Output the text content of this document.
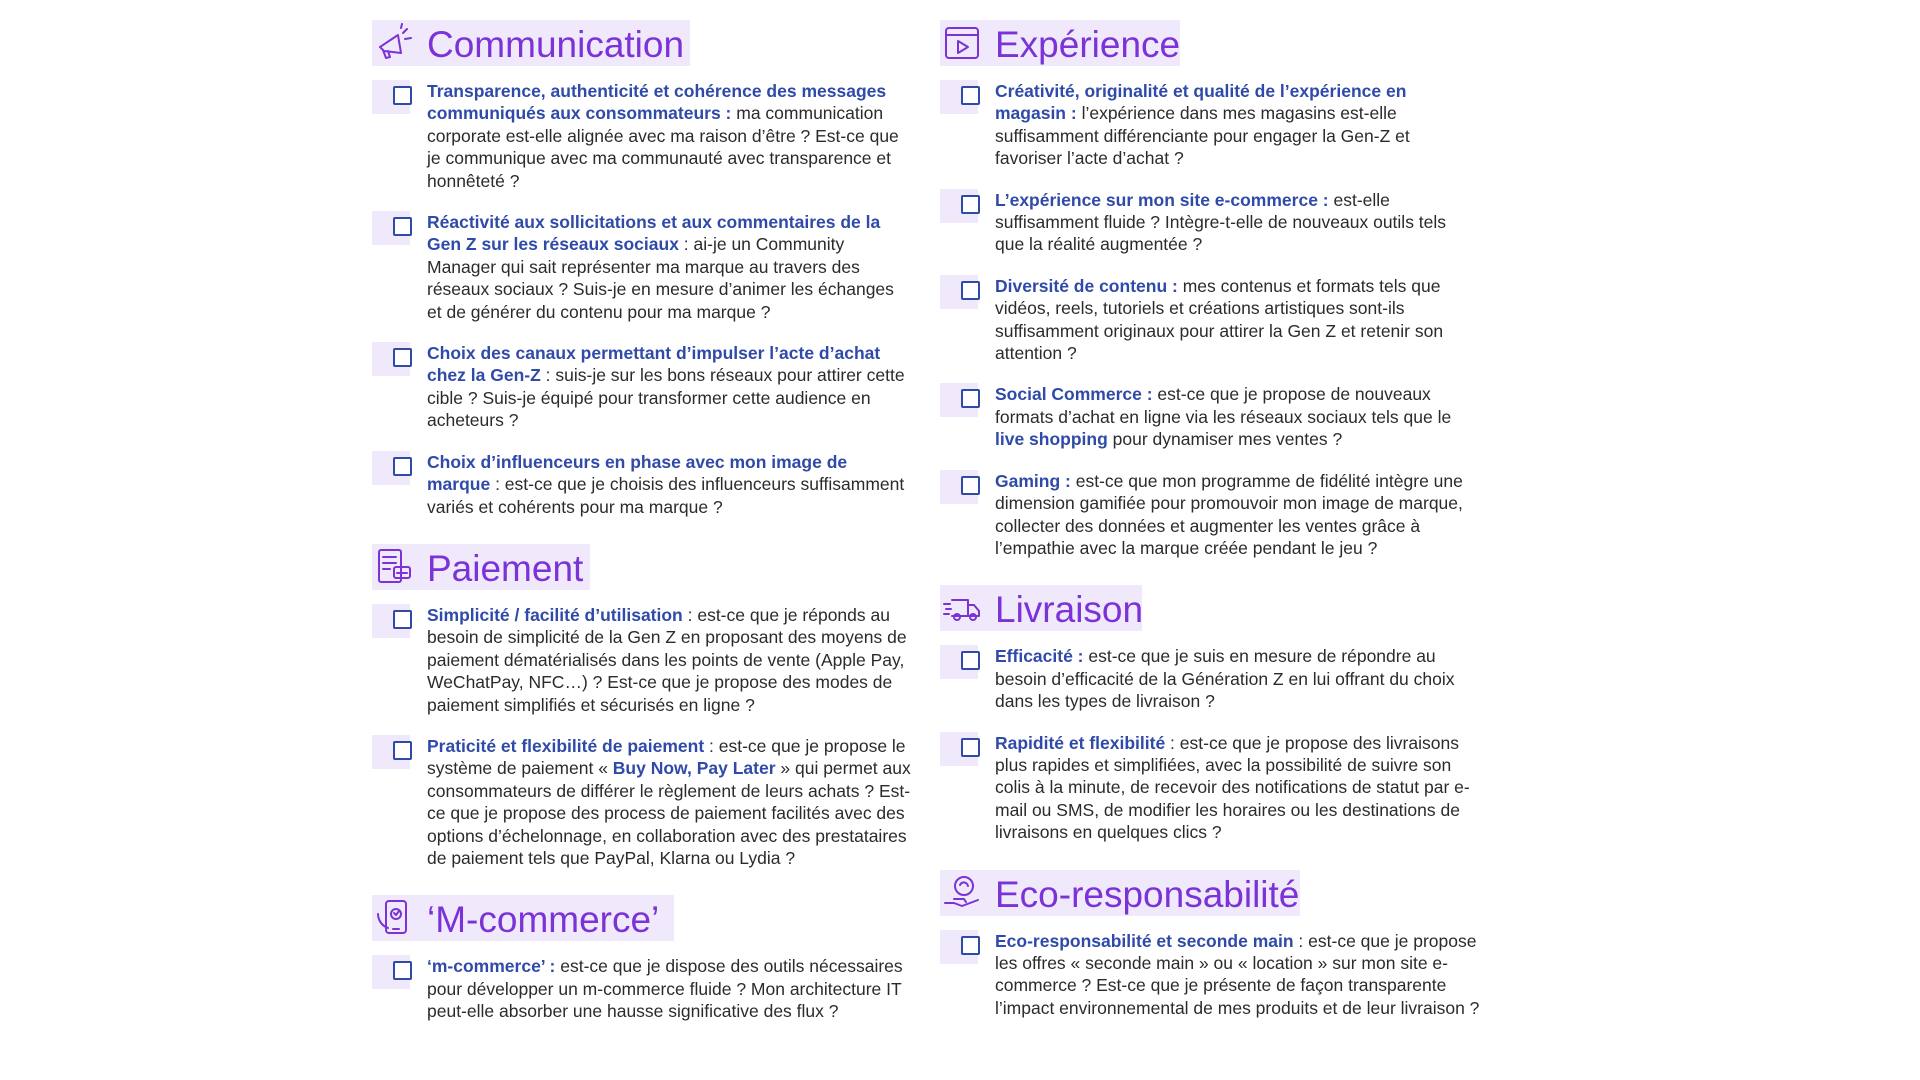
Communication
Transparence, authenticité et cohérence des messages communiqués aux consommateurs : ma communication corporate est-elle alignée avec ma raison d’être ? Est-ce que je communique avec ma communauté avec transparence et honnêteté ?
Réactivité aux sollicitations et aux commentaires de la Gen Z sur les réseaux sociaux : ai-je un Community Manager qui sait représenter ma marque au travers des réseaux sociaux ? Suis-je en mesure d’animer les échanges et de générer du contenu pour ma marque ?
Choix des canaux permettant d’impulser l’acte d’achat chez la Gen-Z : suis-je sur les bons réseaux pour attirer cette cible ? Suis-je équipé pour transformer cette audience en acheteurs ?
Choix d’influenceurs en phase avec mon image de marque : est-ce que je choisis des influenceurs suffisamment variés et cohérents pour ma marque ?
Paiement
Simplicité / facilité d’utilisation : est-ce que je réponds au besoin de simplicité de la Gen Z en proposant des moyens de paiement dématérialisés dans les points de vente (Apple Pay, WeChatPay, NFC…) ? Est-ce que je propose des modes de paiement simplifiés et sécurisés en ligne ?
Praticité et flexibilité de paiement : est-ce que je propose le système de paiement « Buy Now, Pay Later » qui permet aux consommateurs de différer le règlement de leurs achats ? Est-ce que je propose des process de paiement facilités avec des options d’échelonnage, en collaboration avec des prestataires de paiement tels que PayPal, Klarna ou Lydia ?
‘M-commerce’
‘m-commerce’ : est-ce que je dispose des outils nécessaires pour développer un m-commerce fluide ? Mon architecture IT peut-elle absorber une hausse significative des flux ?
Expérience
Créativité, originalité et qualité de l’expérience en magasin : l’expérience dans mes magasins est-elle suffisamment différenciante pour engager la Gen-Z et favoriser l’acte d’achat ?
L’expérience sur mon site e-commerce : est-elle suffisamment fluide ? Intègre-t-elle de nouveaux outils tels que la réalité augmentée ?
Diversité de contenu : mes contenus et formats tels que vidéos, reels, tutoriels et créations artistiques sont-ils suffisamment originaux pour attirer la Gen Z et retenir son attention ?
Social Commerce : est-ce que je propose de nouveaux formats d’achat en ligne via les réseaux sociaux tels que le live shopping pour dynamiser mes ventes ?
Gaming : est-ce que mon programme de fidélité intègre une dimension gamifiée pour promouvoir mon image de marque, collecter des données et augmenter les ventes grâce à l’empathie avec la marque créée pendant le jeu ?
Livraison
Efficacité : est-ce que je suis en mesure de répondre au besoin d’efficacité de la Génération Z en lui offrant du choix dans les types de livraison ?
Rapidité et flexibilité : est-ce que je propose des livraisons plus rapides et simplifiées, avec la possibilité de suivre son colis à la minute, de recevoir des notifications de statut par e-mail ou SMS, de modifier les horaires ou les destinations de livraisons en quelques clics ?
Eco-responsabilité
Eco-responsabilité et seconde main : est-ce que je propose les offres « seconde main » ou « location » sur mon site e-commerce ? Est-ce que je présente de façon transparente l’impact environnemental de mes produits et de leur livraison ?
